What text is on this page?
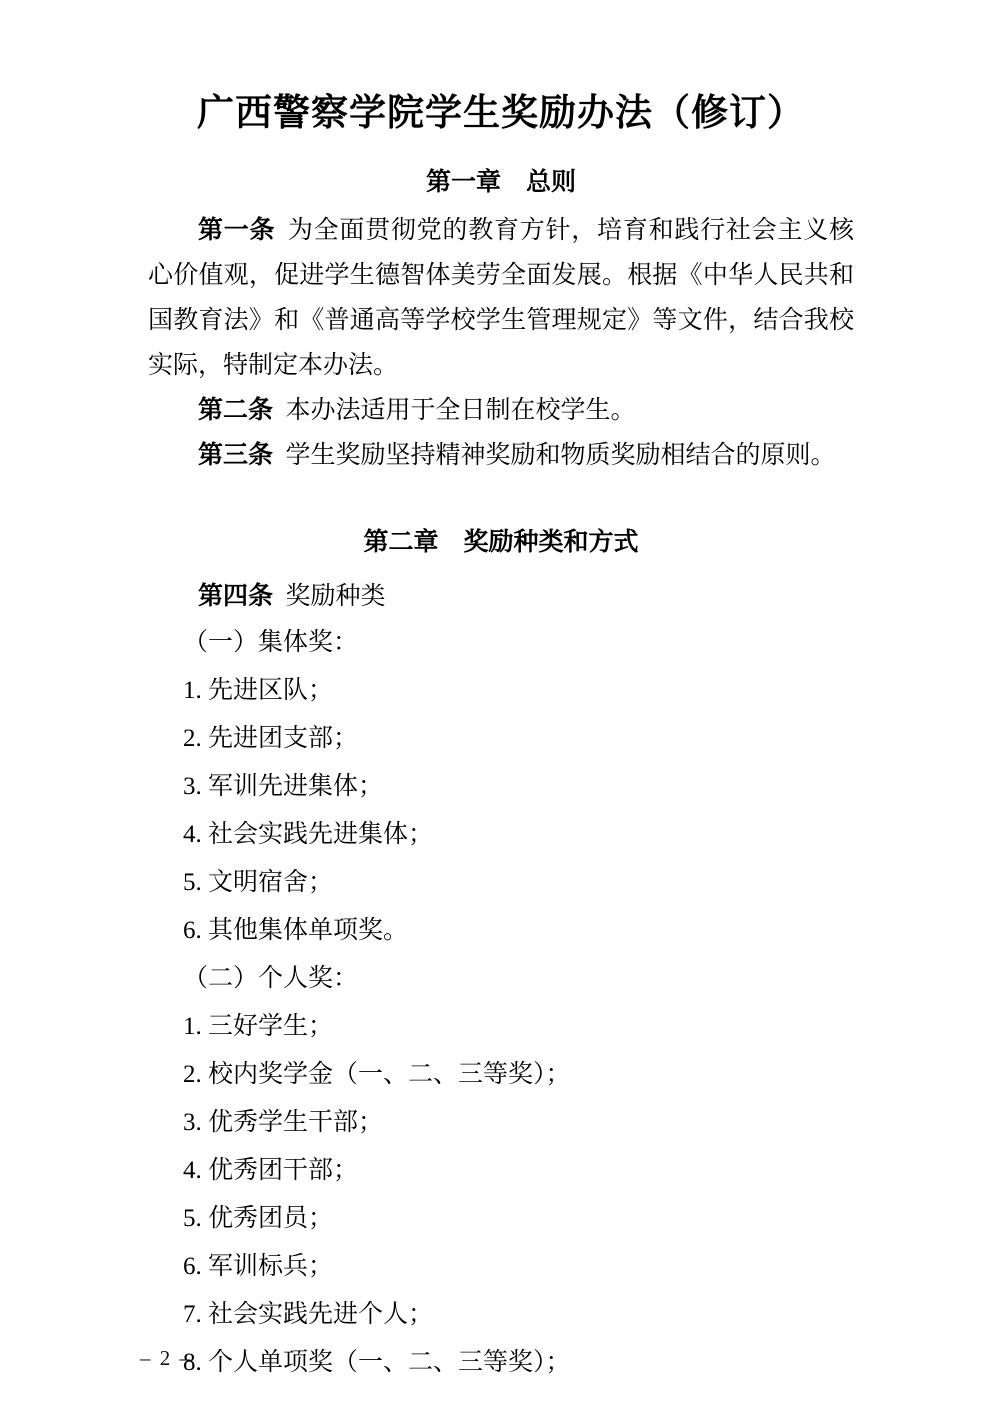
广西警察学院学生奖励办法（修订）
第一章　总则

第一条 为全面贯彻党的教育方针，培育和践行社会主义核心价值观，促进学生德智体美劳全面发展。根据《中华人民共和国教育法》和《普通高等学校学生管理规定》等文件，结合我校实际，特制定本办法。

第二条 本办法适用于全日制在校学生。

第三条 学生奖励坚持精神奖励和物质奖励相结合的原则。

第二章　奖励种类和方式

第四条 奖励种类

（一）集体奖：

1. 先进区队；

2. 先进团支部；

3. 军训先进集体；

4. 社会实践先进集体；

5. 文明宿舍；

6. 其他集体单项奖。

（二）个人奖：

1. 三好学生；

2. 校内奖学金（一、二、三等奖）；

3. 优秀学生干部；

4. 优秀团干部；

5. 优秀团员；

6. 军训标兵；

7. 社会实践先进个人；

8. 个人单项奖（一、二、三等奖）；

– 2 –
